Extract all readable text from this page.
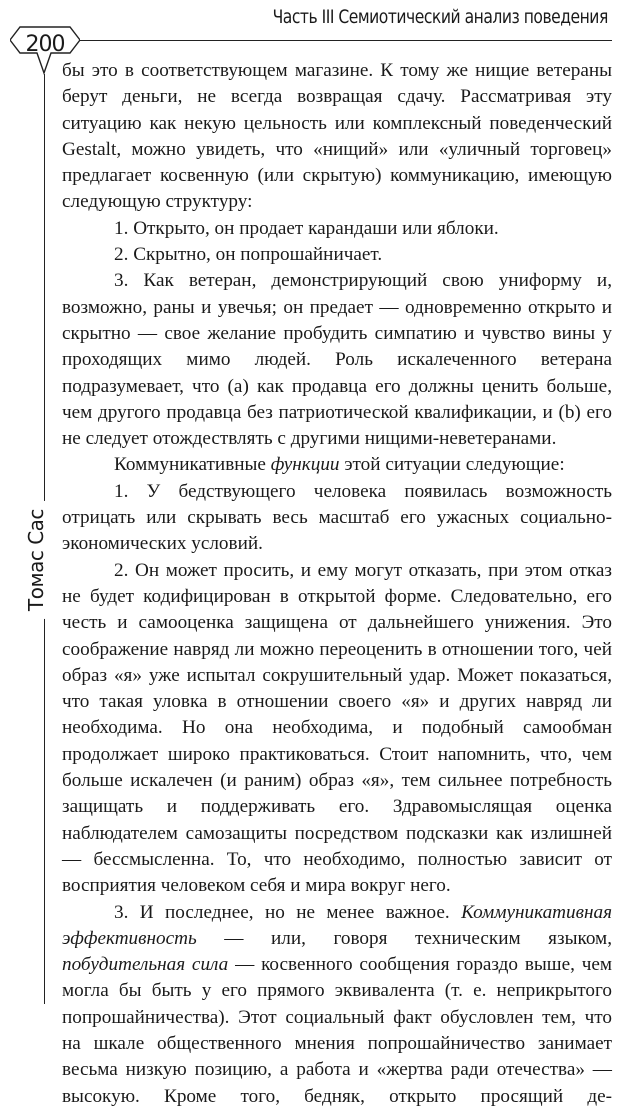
Часть III Семиотический анализ поведения
200
Томас Сас

бы это в соответствующем магазине. К тому же нищие ветераны берут деньги, не всегда возвращая сдачу. Рассматривая эту ситуацию как некую цельность или комплексный поведенческий Gestalt, можно увидеть, что «нищий» или «уличный торговец» предлагает косвенную (или скрытую) коммуникацию, имеющую следующую структуру:

1. Открыто, он продает карандаши или яблоки.

2. Скрытно, он попрошайничает.

3. Как ветеран, демонстрирующий свою униформу и, возможно, раны и увечья; он предает — одновременно открыто и скрытно — свое желание пробудить симпатию и чувство вины у проходящих мимо людей. Роль искалеченного ветерана подразумевает, что (а) как продавца его должны ценить больше, чем другого продавца без патриотической квалификации, и (b) его не следует отождествлять с другими нищими-неветеранами.

Коммуникативные функции этой ситуации следующие:

1. У бедствующего человека появилась возможность отрицать или скрывать весь масштаб его ужасных социально-экономических условий.

2. Он может просить, и ему могут отказать, при этом отказ не будет кодифицирован в открытой форме. Следовательно, его честь и самооценка защищена от дальнейшего унижения. Это соображение навряд ли можно переоценить в отношении того, чей образ «я» уже испытал сокрушительный удар. Может показаться, что такая уловка в отношении своего «я» и других навряд ли необходима. Но она необходима, и подобный самообман продолжает широко практиковаться. Стоит напомнить, что, чем больше искалечен (и раним) образ «я», тем сильнее потребность защищать и поддерживать его. Здравомыслящая оценка наблюдателем самозащиты посредством подсказки как излишней — бессмысленна. То, что необходимо, полностью зависит от восприятия человеком себя и мира вокруг него.

3. И последнее, но не менее важное. Коммуникативная эффективность — или, говоря техническим языком, побудительная сила — косвенного сообщения гораздо выше, чем могла бы быть у его прямого эквивалента (т. е. неприкрытого попрошайничества). Этот социальный факт обусловлен тем, что на шкале общественного мнения попрошайничество занимает весьма низкую позицию, а работа и «жертва ради отечества» — высокую. Кроме того, бедняк, открыто просящий де-
